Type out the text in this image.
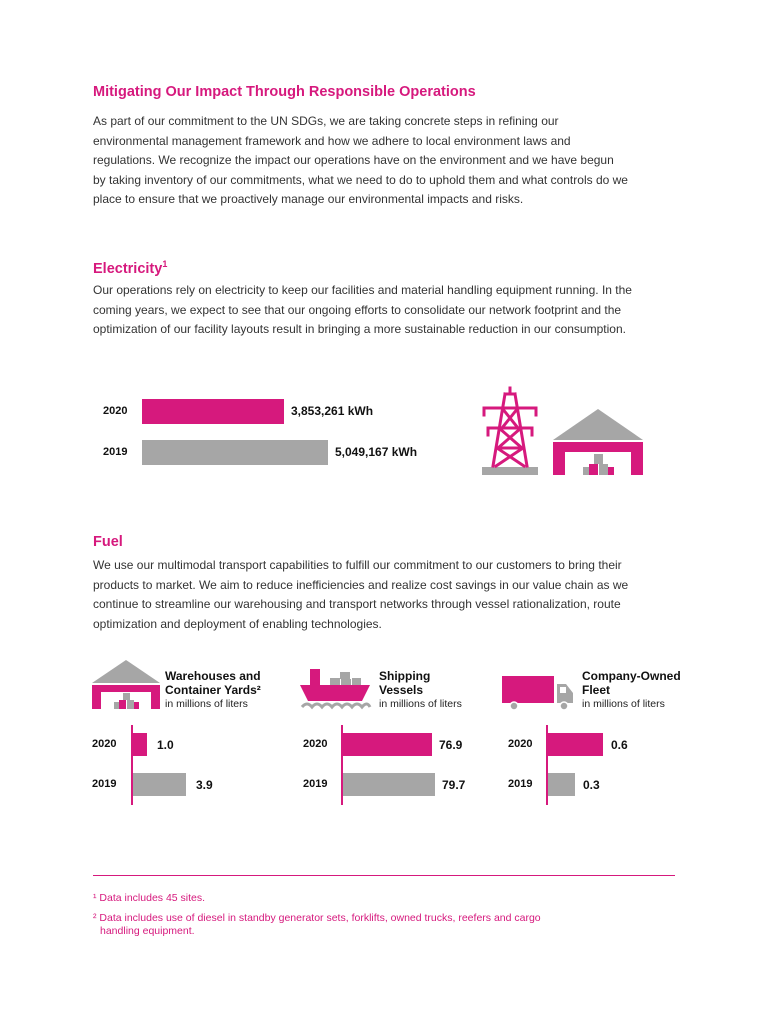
Mitigating Our Impact Through Responsible Operations

As part of our commitment to the UN SDGs, we are taking concrete steps in refining our

environmental management framework and how we adhere to local environment laws and

regulations. We recognize the impact our operations have on the environment and we have begun

by taking inventory of our commitments, what we need to do to uphold them and what controls do we

place to ensure that we proactively manage our environmental impacts and risks.

Electricity$^1$

Our operations rely on electricity to keep our facilities and material handling equipment running. In the

coming years, we expect to see that our ongoing efforts to consolidate our network footprint and the

optimization of our facility layouts result in bringing a more sustainable reduction in our consumption.

2020
2019
3,853,261 kWh
5,049,167 kWh
Fuel

We use our multimodal transport capabilities to fulfill our commitment to our customers to bring their

products to market. We aim to reduce inefficiencies and realize cost savings in our value chain as we

continue to streamline our warehousing and transport networks through vessel rationalization, route

optimization and deployment of enabling technologies.

Warehouses and
Container Yards²
in millions of liters
Shipping
Vessels
in millions of liters
Company-Owned
Fleet
in millions of liters
2020
2019
1.0
3.9
2020
2019
76.9
79.7
2020
2019
0.6
0.3
¹ Data includes 45 sites.
² Data includes use of diesel in standby generator sets, forklifts, owned trucks, reefers and cargo
handling equipment.
